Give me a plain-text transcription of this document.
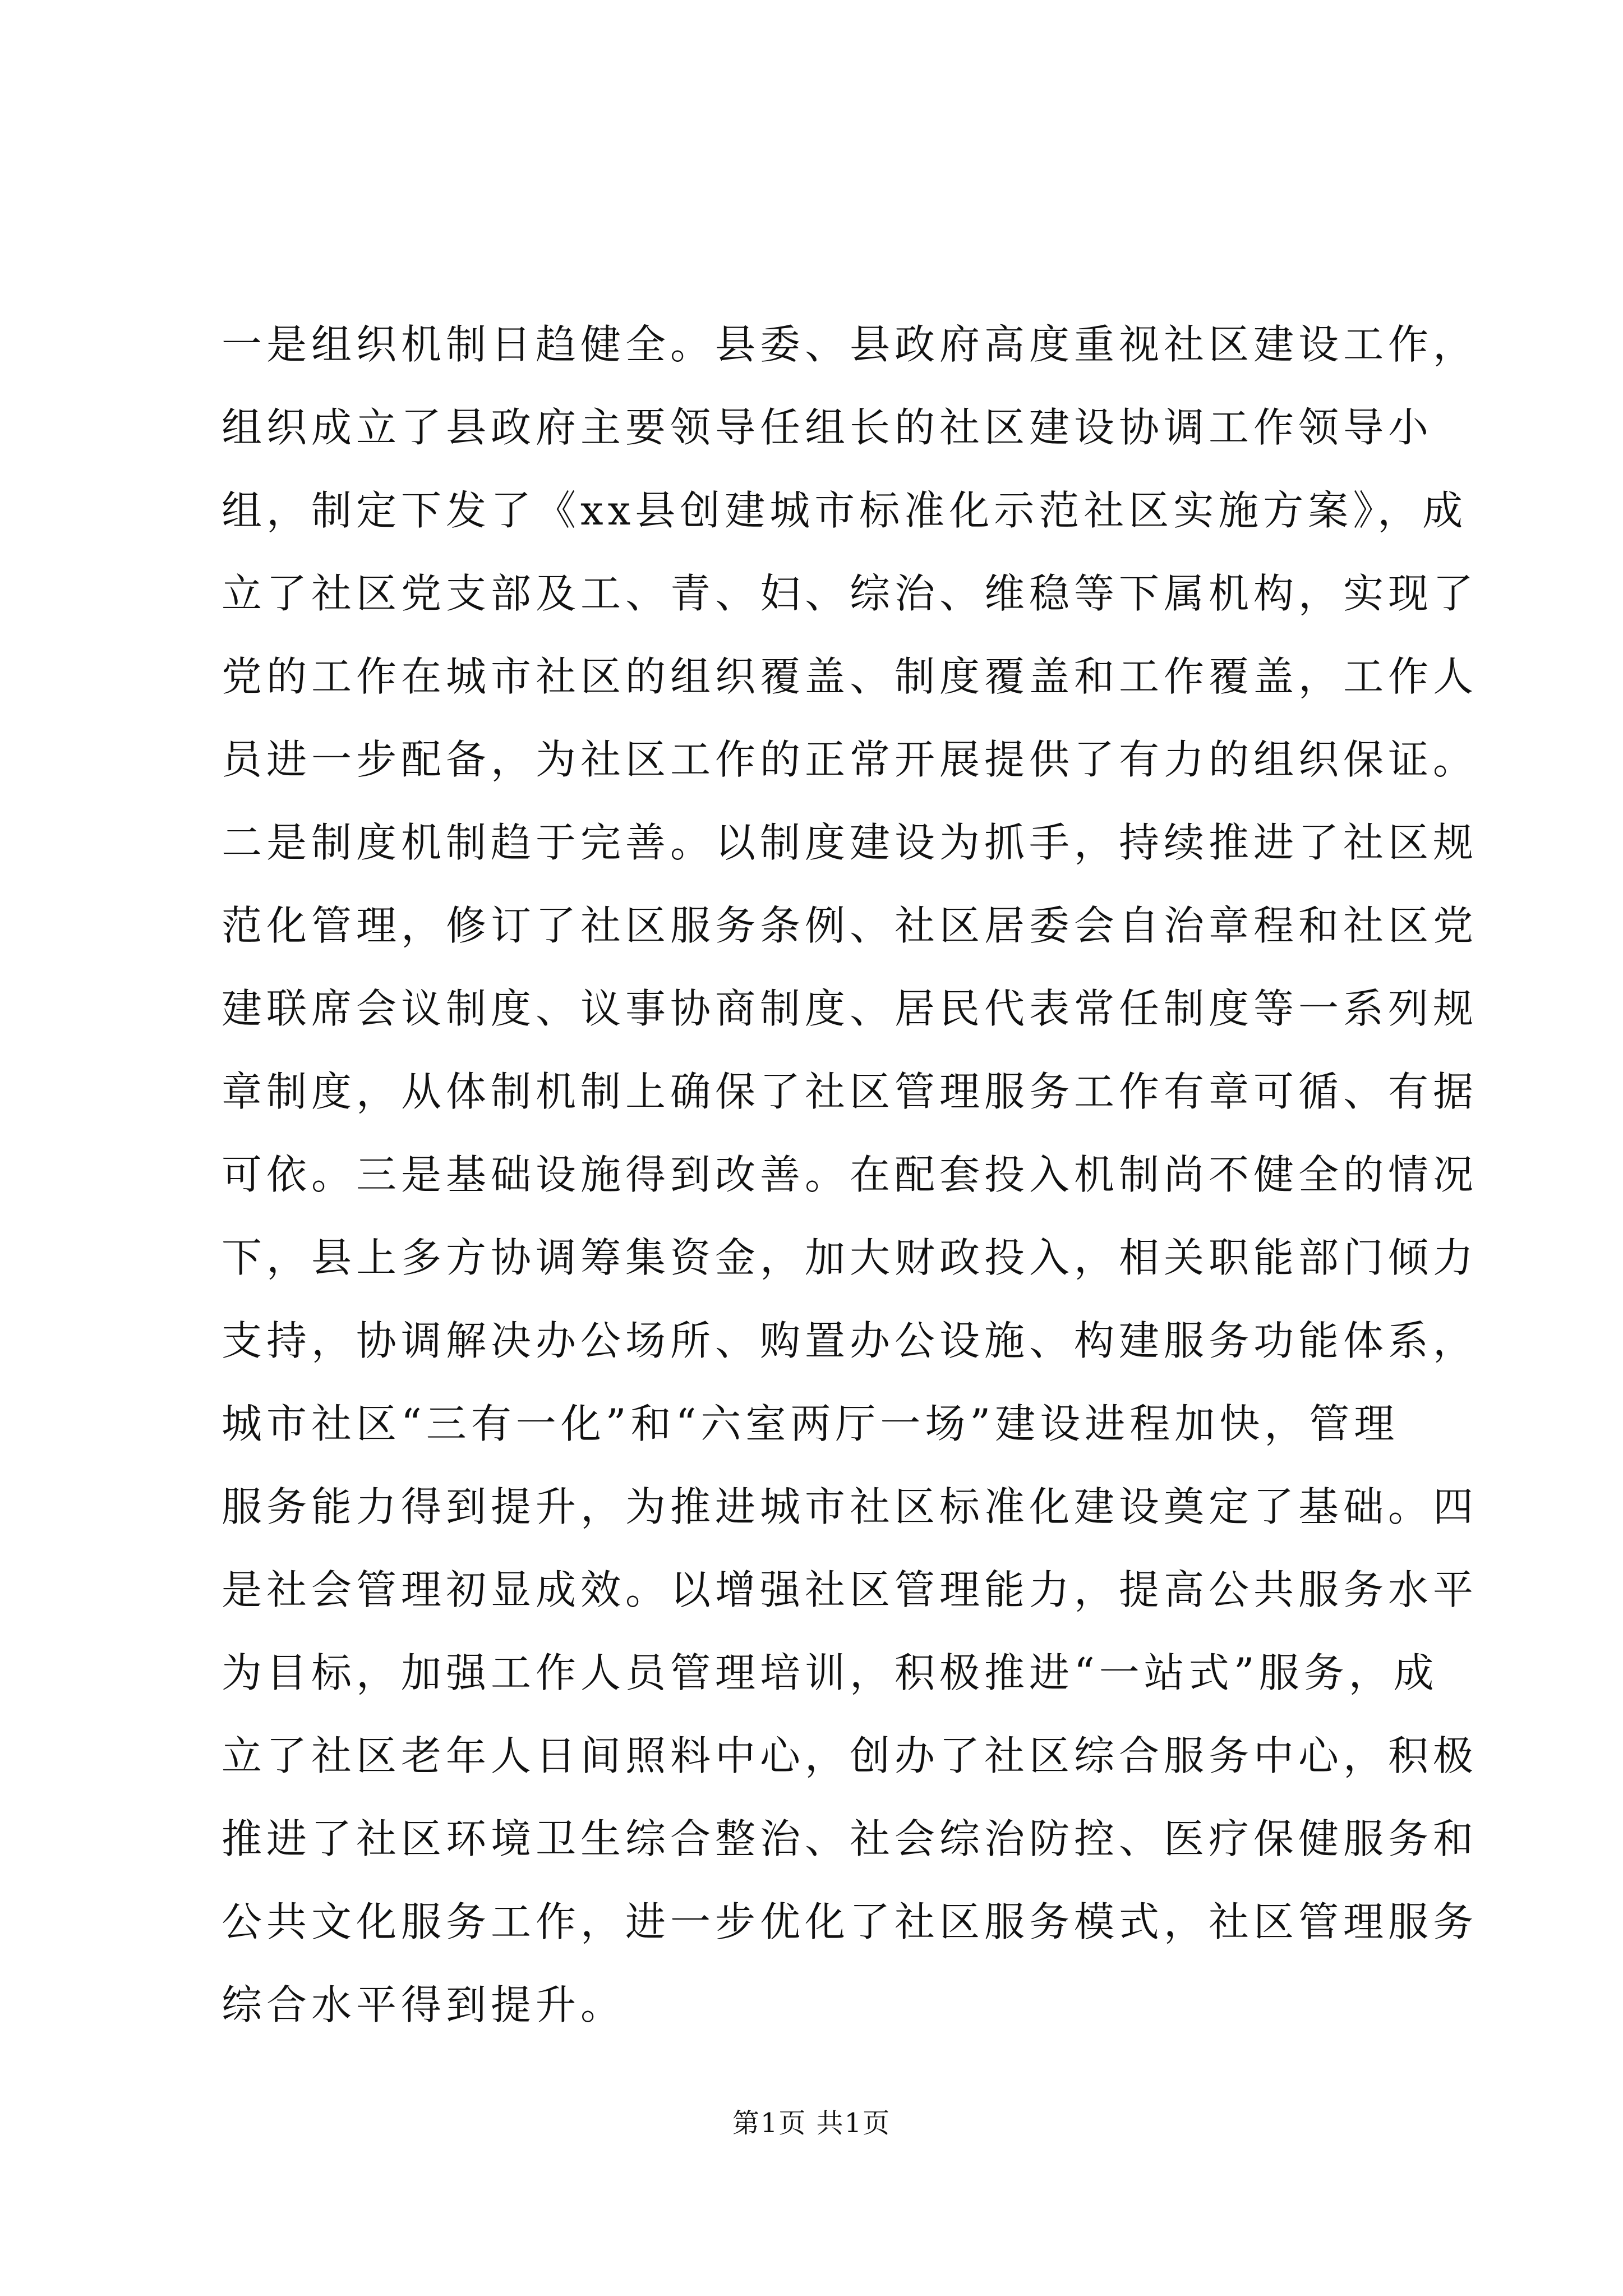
一是组织机制日趋健全。县委、县政府高度重视社区建设工作，
组织成立了县政府主要领导任组长的社区建设协调工作领导小
组，制定下发了《xx县创建城市标准化示范社区实施方案》，成
立了社区党支部及工、青、妇、综治、维稳等下属机构，实现了
党的工作在城市社区的组织覆盖、制度覆盖和工作覆盖，工作人
员进一步配备，为社区工作的正常开展提供了有力的组织保证。
二是制度机制趋于完善。以制度建设为抓手，持续推进了社区规
范化管理，修订了社区服务条例、社区居委会自治章程和社区党
建联席会议制度、议事协商制度、居民代表常任制度等一系列规
章制度，从体制机制上确保了社区管理服务工作有章可循、有据
可依。三是基础设施得到改善。在配套投入机制尚不健全的情况
下，县上多方协调筹集资金，加大财政投入，相关职能部门倾力
支持，协调解决办公场所、购置办公设施、构建服务功能体系，
城市社区“三有一化”和“六室两厅一场”建设进程加快，管理
服务能力得到提升，为推进城市社区标准化建设奠定了基础。四
是社会管理初显成效。以增强社区管理能力，提高公共服务水平
为目标，加强工作人员管理培训，积极推进“一站式”服务，成
立了社区老年人日间照料中心，创办了社区综合服务中心，积极
推进了社区环境卫生综合整治、社会综治防控、医疗保健服务和
公共文化服务工作，进一步优化了社区服务模式，社区管理服务
综合水平得到提升。
第1页 共1页
